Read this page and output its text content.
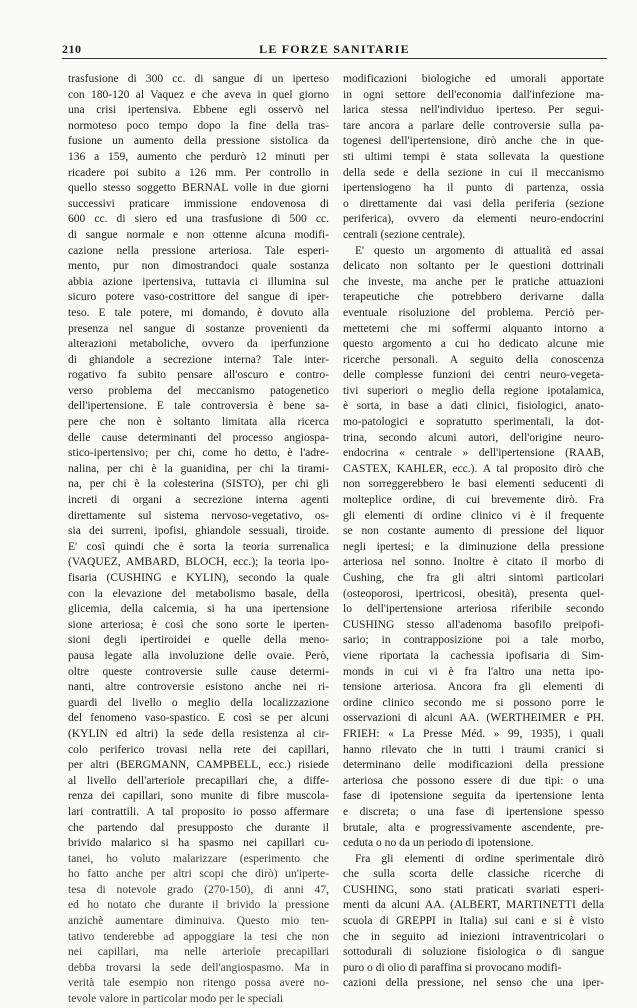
210	LE FORZE SANITARIE
trasfusione di 300 cc. di sangue di un iperteso
con 180-120 al Vaquez e che aveva in quel giorno
una crisi ipertensiva. Ebbene egli osservò nel
normoteso poco tempo dopo la fine della tras-
fusione un aumento della pressione sistolica da
136 a 159, aumento che perdurò 12 minuti per
ricadere poi subito a 126 mm. Per controllo in
quello stesso soggetto BERNAL volle in due giorni
successivi praticare immissione endovenosa di
600 cc. di siero ed una trasfusione di 500 cc.
di sangue normale e non ottenne alcuna modifi-
cazione nella pressione arteriosa. Tale esperi-
mento, pur non dimostrandoci quale sostanza
abbia azione ipertensiva, tuttavia ci illumina sul
sicuro potere vaso-costrittore del sangue di iper-
teso. E tale potere, mi domando, è dovuto alla
presenza nel sangue di sostanze provenienti da
alterazioni metaboliche, ovvero da iperfunzione
di ghiandole a secrezione interna? Tale inter-
rogativo fa subito pensare all'oscuro e contro-
verso problema del meccanismo patogenetico
dell'ipertensione. E tale controversia è bene sa-
pere che non è soltanto limitata alla ricerca
delle cause determinanti del processo angiospa-
stico-ipertensivo; per chi, come ho detto, è l'adre-
nalina, per chi è la guanidina, per chi la tirami-
na, per chi è la colesterina (SISTO), per chi gli
increti di organi a secrezione interna agenti
direttamente sul sistema nervoso-vegetativo, os-
sia dei surreni, ipofisi, ghiandole sessuali, tiroide.
E' così quindi che è sorta la teoria surrenalica
(VAQUEZ, AMBARD, BLOCH, ecc.); la teoria ipo-
fisaria (CUSHING e KYLIN), secondo la quale
con la elevazione del metabolismo basale, della
glicemia, della calcemia, si ha una ipertensione
sione arteriosa; è così che sono sorte le iperten-
sioni degli ipertiroidei e quelle della meno-
pausa legate alla involuzione delle ovaie. Però,
oltre queste controversie sulle cause determi-
nanti, altre controversie esistono anche nei ri-
guardi del livello o meglio della localizzazione
del fenomeno vaso-spastico. E così se per alcuni
(KYLIN ed altri) la sede della resistenza al cir-
colo periferico trovasi nella rete dei capillari,
per altri (BERGMANN, CAMPBELL, ecc.) risiede
al livello dell'arteriole precapillari che, a diffe-
renza dei capillari, sono munite di fibre muscola-
lari contrattili. A tal proposito io posso affermare
che partendo dal presupposto che durante il
brivido malarico si ha spasmo nei capillari cu-
tanei, ho voluto malarizzare (esperimento che
ho fatto anche per altri scopi che dirò) un'iperte-
tesa di notevole grado (270-150), di anni 47,
ed ho notato che durante il brivido la pressione
anzichè aumentare diminuiva. Questo mio ten-
tativo tenderebbe ad appoggiare la tesi che non
nei capillari, ma nelle arteriole precapillari
debba trovarsi la sede dell'angiospasmo. Ma in
verità tale esempio non ritengo possa avere no-
tevole valore in particolar modo per le speciali
modificazioni biologiche ed umorali apportate
in ogni settore dell'economia dall'infezione ma-
larica stessa nell'individuo iperteso. Per segui-
tare ancora a parlare delle controversie sulla pa-
togenesi dell'ipertensione, dirò anche che in que-
sti ultimi tempi è stata sollevata la questione
della sede e della sezione in cui il meccanismo
ipertensiogeno ha il punto di partenza, ossia
o direttamente dai vasi della periferia (sezione
periferica), ovvero da elementi neuro-endocrini
centrali (sezione centrale).
E' questo un argomento di attualità ed assai
delicato non soltanto per le questioni dottrinali
che investe, ma anche per le pratiche attuazioni
terapeutiche che potrebbero derivarne dalla
eventuale risoluzione del problema. Perciò per-
mettetemi che mi soffermi alquanto intorno a
questo argomento a cui ho dedicato alcune mie
ricerche personali. A seguito della conoscenza
delle complesse funzioni dei centri neuro-vegeta-
tivi superiori o meglio della regione ipotalamica,
è sorta, in base a dati clinici, fisiologici, anato-
mo-patologici e sopratutto sperimentali, la dot-
trina, secondo alcuni autori, dell'origine neuro-
endocrina « centrale » dell'ipertensione (RAAB,
CASTEX, KAHLER, ecc.). A tal proposito dirò che
non sorreggerebbero le basi elementi seducenti di
molteplice ordine, di cui brevemente dirò. Fra
gli elementi di ordine clinico vi è il frequente
se non costante aumento di pressione del liquor
negli ipertesi; e la diminuzione della pressione
arteriosa nel sonno. Inoltre è citato il morbo di
Cushing, che fra gli altri sintomi particolari
(osteoporosi, ipertricosi, obesità), presenta quel-
lo dell'ipertensione arteriosa riferibile secondo
CUSHING stesso all'adenoma basofilo preipofi-
sario; in contrapposizione poi a tale morbo,
viene riportata la cachessia ipofisaria di Sim-
monds in cui vi è fra l'altro una netta ipo-
tensione arteriosa. Ancora fra gli elementi di
ordine clinico secondo me si possono porre le
osservazioni di alcuni AA. (WERTHEIMER e PH.
FRIEH: « La Presse Méd. » 99, 1935), i quali
hanno rilevato che in tutti i traumi cranici si
determinano delle modificazioni della pressione
arteriosa che possono essere di due tipi: o una
fase di ipotensione seguita da ipertensione lenta
e discreta; o una fase di ipertensione spesso
brutale, alta e progressivamente ascendente, pre-
ceduta o no da un periodo di ipotensione.
Fra gli elementi di ordine sperimentale dirò
che sulla scorta delle classiche ricerche di
CUSHING, sono stati praticati svariati esperi-
menti da alcuni AA. (ALBERT, MARTINETTI della
scuola di GREPPI in Italia) sui cani e si è visto
che in seguito ad iniezioni intraventricolari o
sottodurali di soluzione fisiologica o di sangue
puro o di olio di paraffina si provocano modifi-
cazioni della pressione, nel senso che una iper-
